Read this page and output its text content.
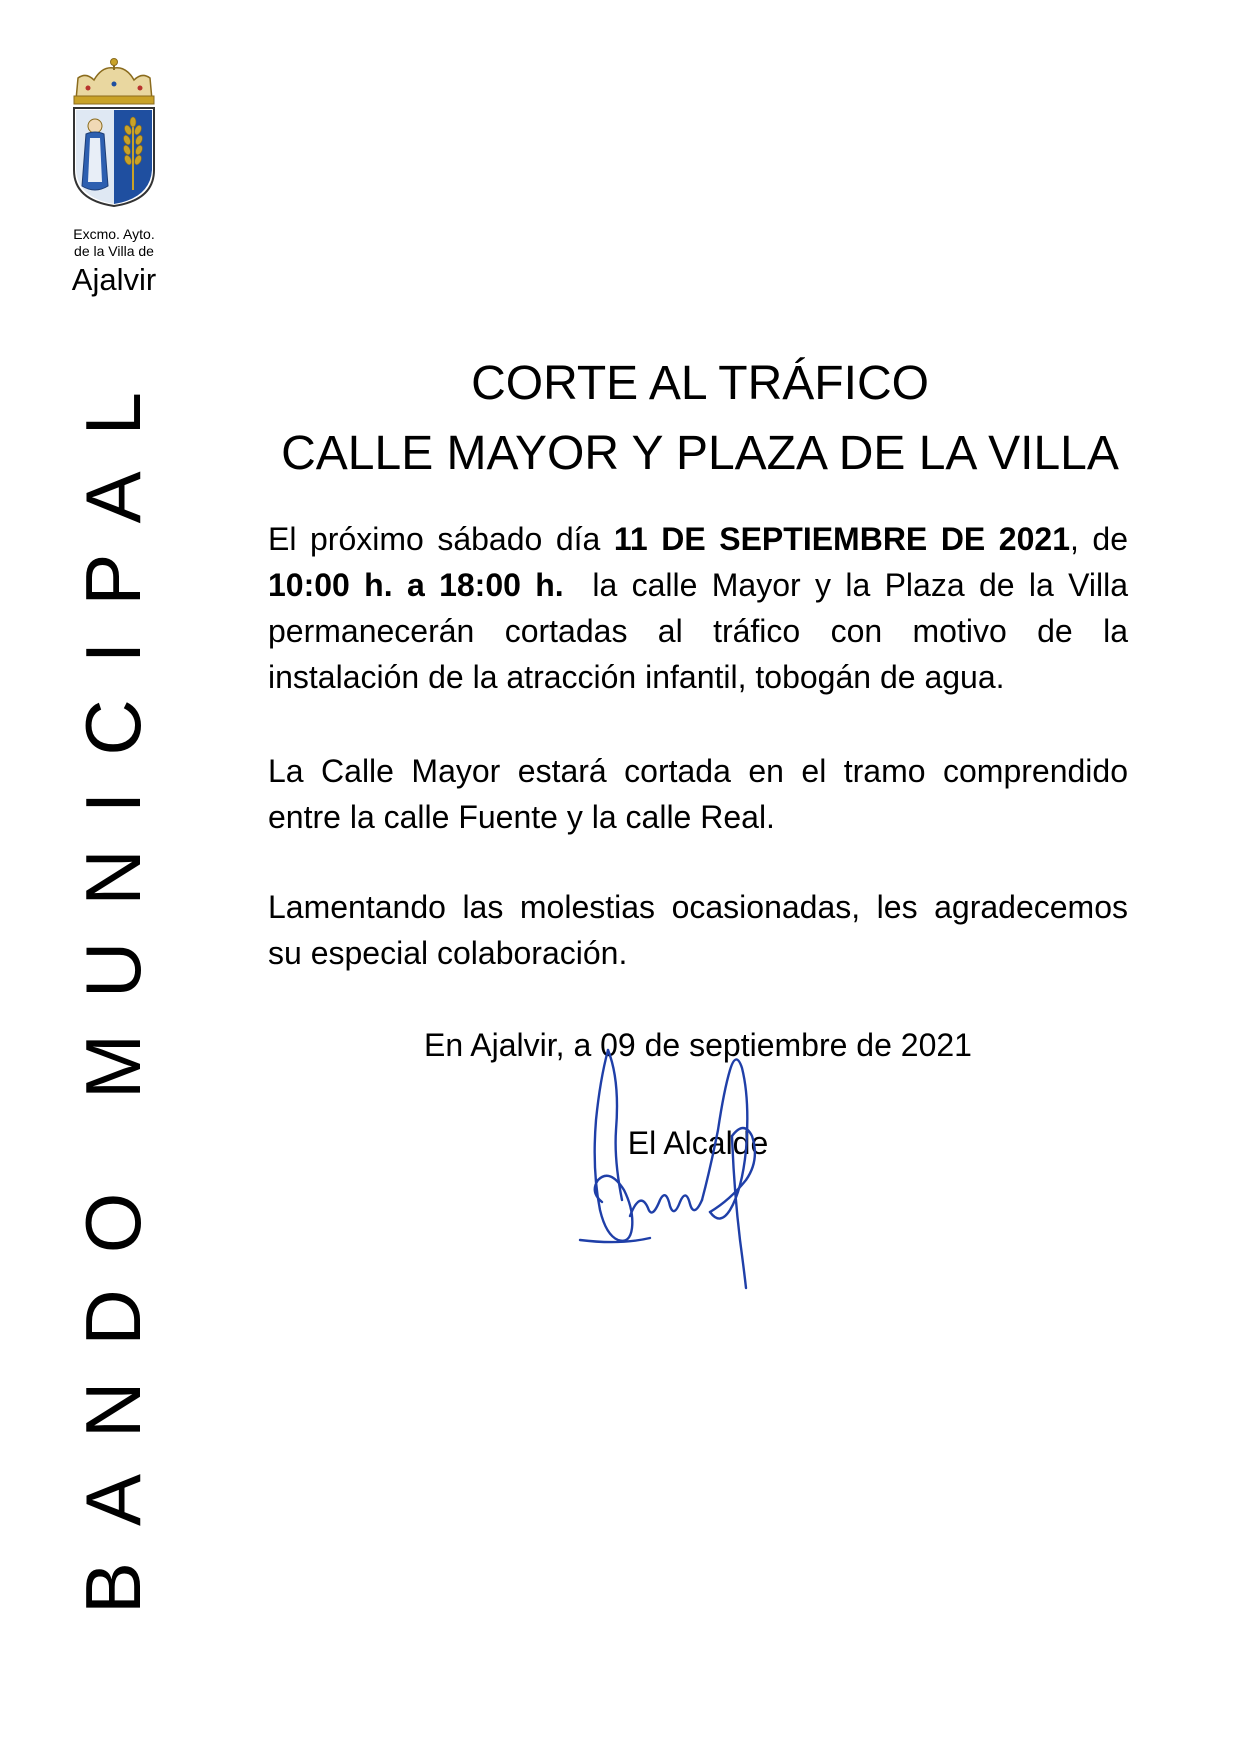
Excmo. Ayto.
de la Villa de
Ajalvir
BANDO MUNICIPAL	CORTE AL TRÁFICO
CALLE MAYOR Y PLAZA DE LA VILLA
El próximo sábado día 11 DE SEPTIEMBRE DE 2021, de 10:00 h. a 18:00 h.  la calle Mayor y la Plaza de la Villa permanecerán cortadas al tráfico con motivo de la instalación de la atracción infantil, tobogán de agua.
La Calle Mayor estará cortada en el tramo comprendido entre la calle Fuente y la calle Real.
Lamentando las molestias ocasionadas, les agradecemos su especial colaboración.
En Ajalvir, a 09 de septiembre de 2021
El Alcalde
